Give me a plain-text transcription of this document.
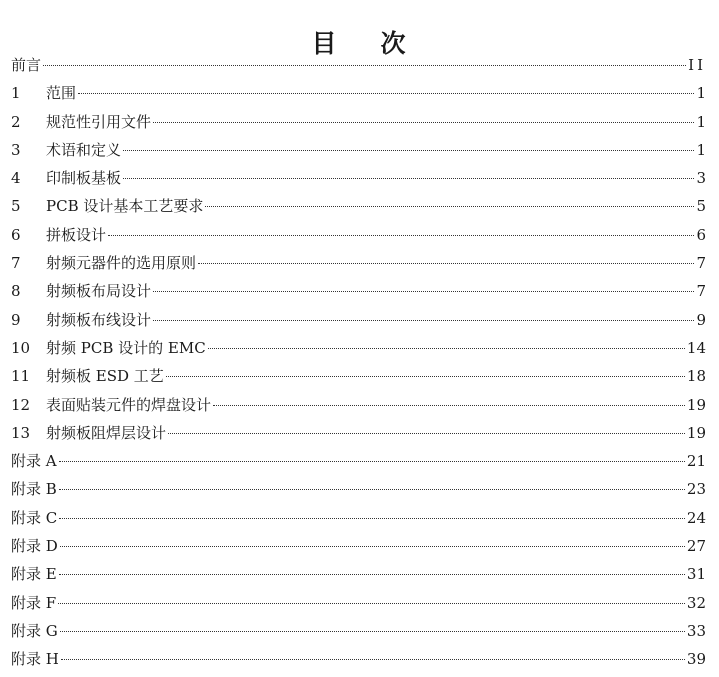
目 次
前言	II
1	范围	1
2	规范性引用文件	1
3	术语和定义	1
4	印制板基板	3
5	PCB 设计基本工艺要求	5
6	拼板设计	6
7	射频元器件的选用原则	7
8	射频板布局设计	7
9	射频板布线设计	9
10	射频 PCB 设计的 EMC	14
11	射频板 ESD 工艺	18
12	表面贴装元件的焊盘设计	19
13	射频板阻焊层设计	19
附录 A	21
附录 B	23
附录 C	24
附录 D	27
附录 E	31
附录 F	32
附录 G	33
附录 H	39
